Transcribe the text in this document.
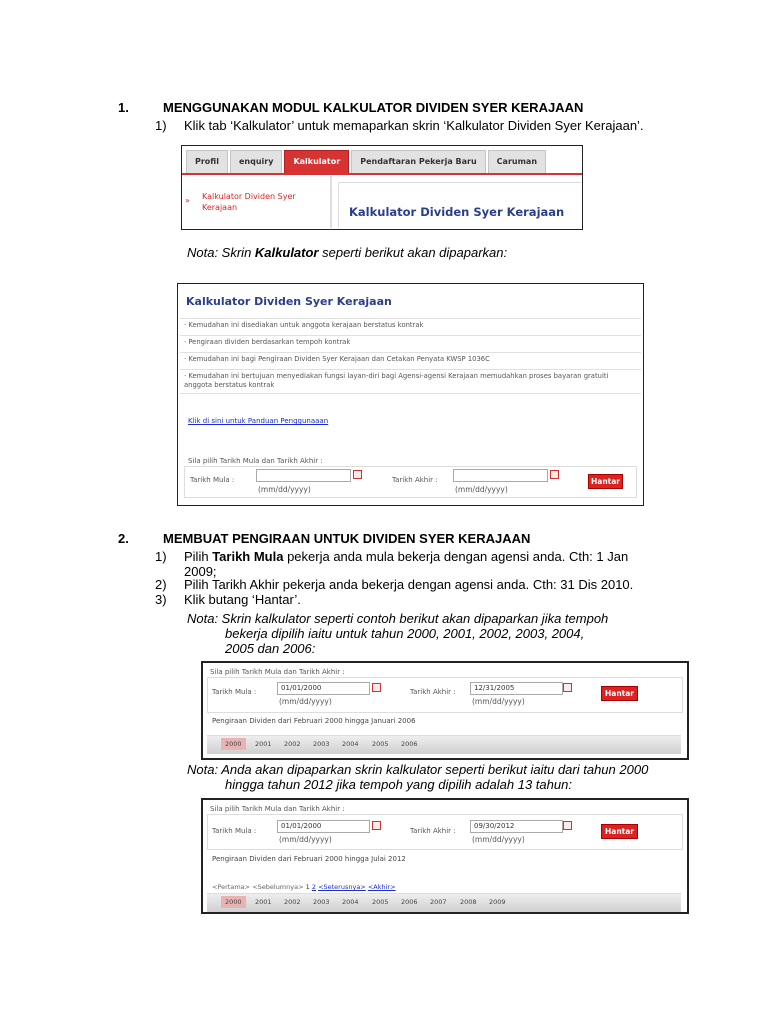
1.	MENGGUNAKAN MODUL KALKULATOR DIVIDEN SYER KERAJAAN
1) Klik tab ‘Kalkulator’ untuk memaparkan skrin ‘Kalkulator Dividen Syer Kerajaan’.
Profil	enquiry	Kalkulator	Pendaftaran Pekerja Baru	Caruman
» Kalkulator Dividen Syer Kerajaan	Kalkulator Dividen Syer Kerajaan
Nota: Skrin Kalkulator seperti berikut akan dipaparkan:
Kalkulator Dividen Syer Kerajaan
· Kemudahan ini disediakan untuk anggota kerajaan berstatus kontrak
· Pengiraan dividen berdasarkan tempoh kontrak
· Kemudahan ini bagi Pengiraan Dividen Syer Kerajaan dan Cetakan Penyata KWSP 1036C
· Kemudahan ini bertujuan menyediakan fungsi layan-diri bagi Agensi-agensi Kerajaan memudahkan proses bayaran gratuiti anggota berstatus kontrak
Klik di sini untuk Panduan Penggunaaan
Sila pilih Tarikh Mula dan Tarikh Akhir :
Tarikh Mula :
(mm/dd/yyyy)
Tarikh Akhir :
(mm/dd/yyyy)
Hantar
2.	MEMBUAT PENGIRAAN UNTUK DIVIDEN SYER KERAJAAN
1) Pilih Tarikh Mula pekerja anda mula bekerja dengan agensi anda. Cth: 1 Jan 2009;
2) Pilih Tarikh Akhir pekerja anda bekerja dengan agensi anda. Cth: 31 Dis 2010.
3) Klik butang ‘Hantar’.
Nota: Skrin kalkulator seperti contoh berikut akan dipaparkan jika tempoh
bekerja dipilih iaitu untuk tahun 2000, 2001, 2002, 2003, 2004,
2005 dan 2006:
Sila pilih Tarikh Mula dan Tarikh Akhir :
Tarikh Mula :	01/01/2000
(mm/dd/yyyy)
Tarikh Akhir :	12/31/2005
(mm/dd/yyyy)
Hantar
Pengiraan Dividen dari Februari 2000 hingga Januari 2006
2000	2001 2002 2003 2004 2005 2006
Nota: Anda akan dipaparkan skrin kalkulator seperti berikut iaitu dari tahun 2000
hingga tahun 2012 jika tempoh yang dipilih adalah 13 tahun:
Sila pilih Tarikh Mula dan Tarikh Akhir :
Tarikh Mula :
01/01/2000
(mm/dd/yyyy)
Tarikh Akhir :
09/30/2012
(mm/dd/yyyy)
Hantar
Pengiraan Dividen dari Februari 2000 hingga Julai 2012
<Pertama> <Sebelumnya> 1 2 <Seterusnya> <Akhir>
2000	2001 2002 2003 2004 2005 2006 2007 2008 2009
